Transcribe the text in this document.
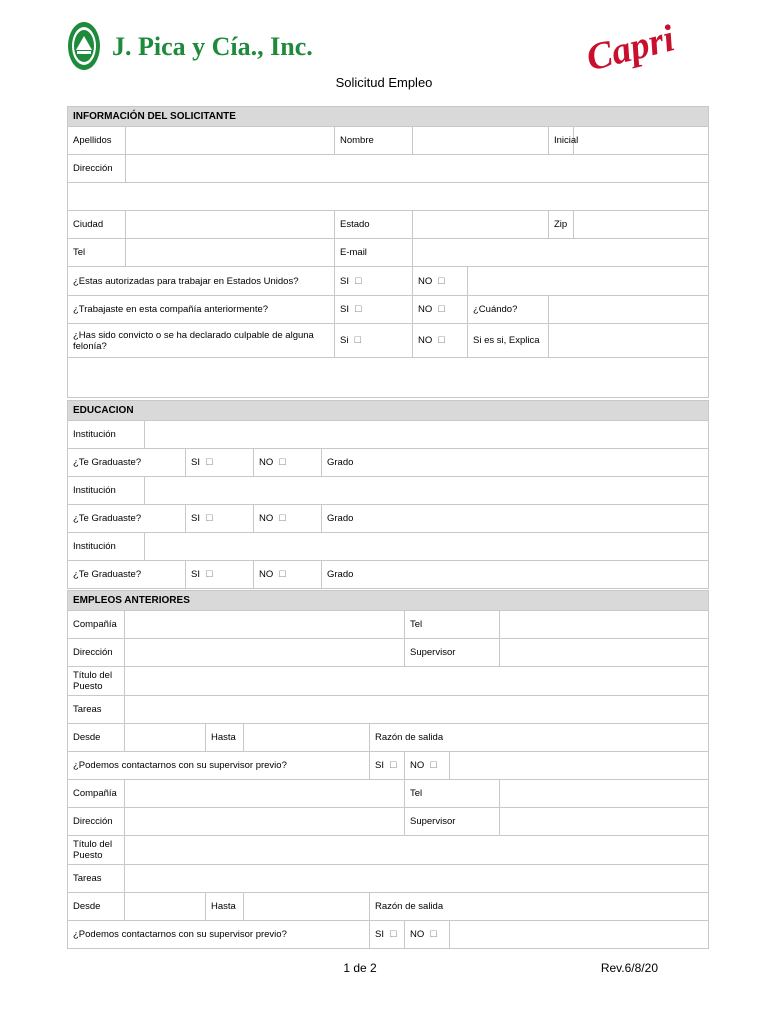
J. Pica y Cía., Inc.	Capri
Solicitud Empleo
INFORMACIÓN DEL SOLICITANTE						
Apellidos		Nombre			Inicial	
Dirección						

Ciudad		Estado			Zip	
Tel		E-mail				
¿Estas autorizadas para trabajar en Estados Unidos?		SI ☐	NO ☐			
¿Trabajaste en esta compañía anteriormente?		SI ☐	NO ☐	¿Cuándo?		
¿Has sido convicto o se ha declarado culpable de alguna felonía?		Si ☐	NO ☐	Si es si, Explica		

EDUCACION				
Institución				
¿Te Graduaste?		SI ☐	NO ☐	Grado
Institución				
¿Te Graduaste?		SI ☐	NO ☐	Grado
Institución				
¿Te Graduaste?		SI ☐	NO ☐	Grado
EMPLEOS ANTERIORES							
Compañía					Tel		
Dirección					Supervisor		
Título del Puesto							
Tareas							
Desde		Hasta		Razón de salida			
¿Podemos contactarnos con su supervisor previo?				SI ☐	NO ☐		
Compañía					Tel		
Dirección					Supervisor		
Título del Puesto							
Tareas							
Desde		Hasta		Razón de salida			
¿Podemos contactarnos con su supervisor previo?				SI ☐	NO ☐		
1 de 2	Rev.6/8/20
